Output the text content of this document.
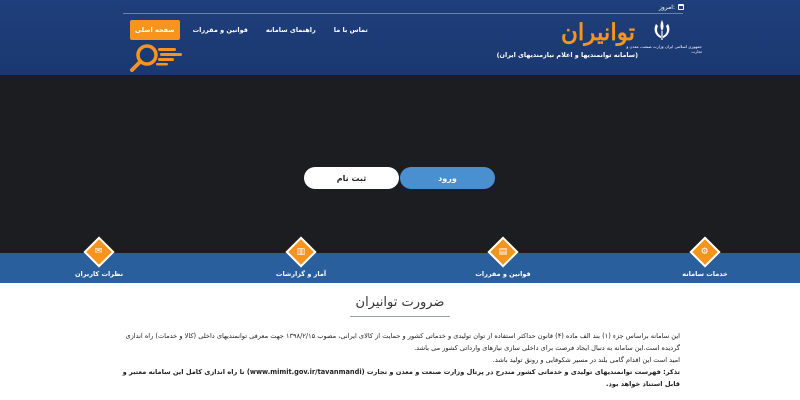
امروز:
جمهوری اسلامی ایران وزارت صنعت، معدن و تجارت
توانیران
(سامانه توانمندیها و اعلام نیازمندیهای ایران)
صفحه اصلی	قوانین و مقررات	راهنمای سامانه	تماس با ما
ورود
ثبت نام
⚙
خدمات سامانه
▤
قوانین و مقررات
▥
آمار و گزارشات
✉
نظرات کاربران
ضرورت توانیران

این سامانه براساس جزء (۱) بند الف ماده (۴) قانون حداکثر استفاده از توان تولیدی و خدماتی کشور و حمایت از کالای ایرانی، مصوب ۱۳۹۸/۲/۱۵ جهت معرفی توانمندیهای داخلی (کالا و خدمات) راه اندازی گردیده است.این سامانه به دنبال ایجاد فرصت برای داخلی سازی نیازهای وارداتی کشور می باشد.

امید است این اقدام گامی بلند در مسیر شکوفایی و رونق تولید باشد.

تذکر: فهرست توانمندیهای تولیدی و خدماتی کشور مندرج در پرتال وزارت صنعت و معدن و تجارت (www.mimit.gov.ir/tavanmandi) تا راه اندازی کامل این سامانه معتبر و قابل استناد خواهد بود.
